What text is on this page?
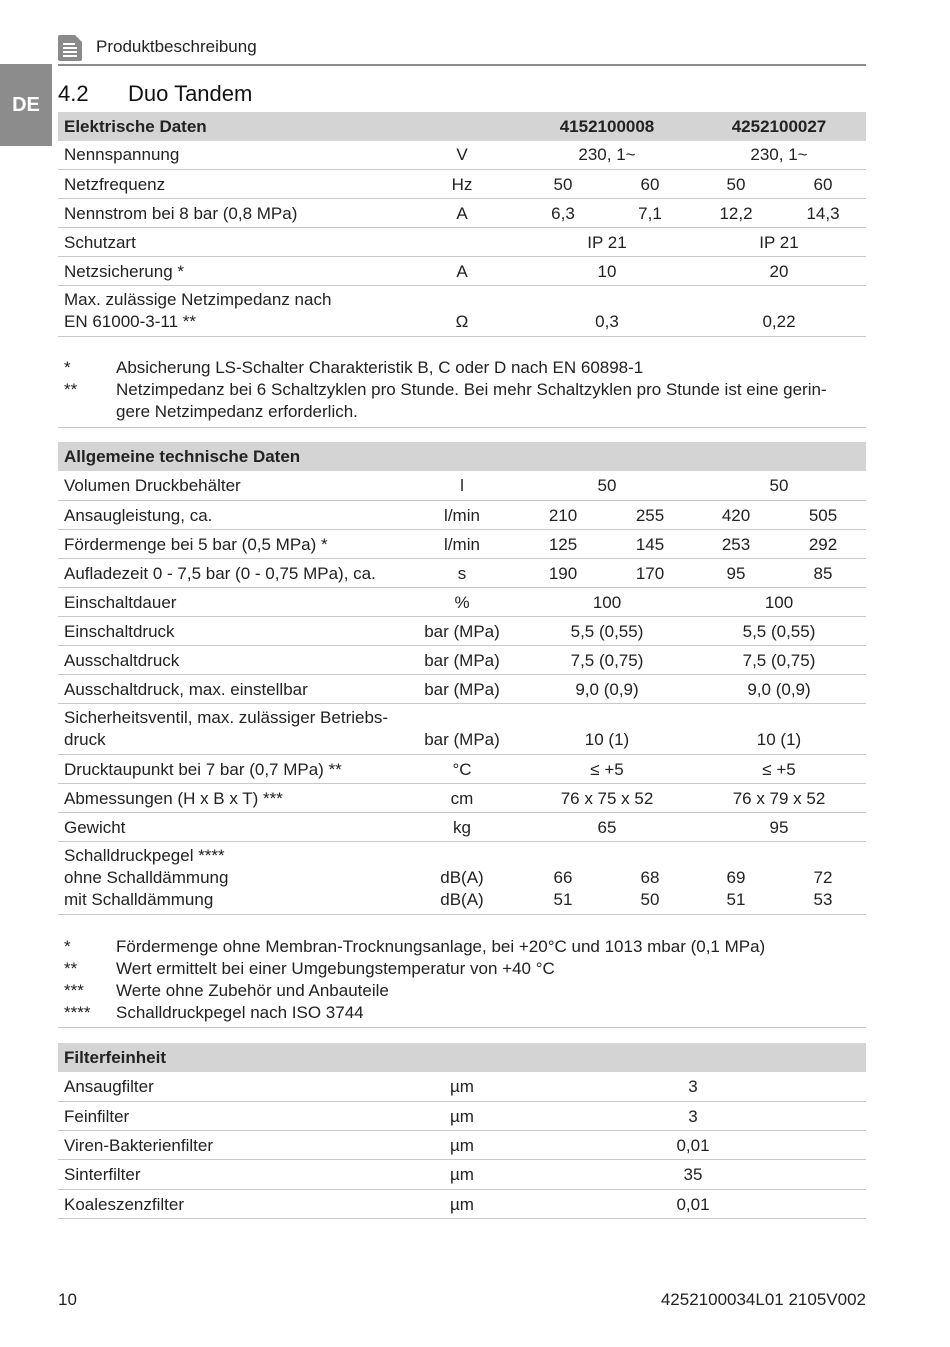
Produktbeschreibung
DE 4.2 Duo Tandem
Elektrische Daten	4152100008	4252100027
Nennspannung	V	230, 1~	230, 1~
Netzfrequenz	Hz	50	60	50	60
Nennstrom bei 8 bar (0,8 MPa)	A	6,3	7,1	12,2	14,3
Schutzart	IP 21	IP 21
Netzsicherung *	A	10	20
Max. zulässige Netzimpedanz nach
EN 61000-3-11 **	Ω	0,3	0,22
*	Absicherung LS-Schalter Charakteristik B, C oder D nach EN 60898-1
** Netzimpedanz bei 6 Schaltzyklen pro Stunde. Bei mehr Schaltzyklen pro Stunde ist eine gerin-
gere Netzimpedanz erforderlich.
Allgemeine technische Daten
Volumen Druckbehälter	l	50	50
Ansaugleistung, ca.	l/min	210	255	420	505
Fördermenge bei 5 bar (0,5 MPa) *	l/min	125	145	253	292
Aufladezeit 0 - 7,5 bar (0 - 0,75 MPa), ca.	s	190	170	95	85
Einschaltdauer	%	100	100
Einschaltdruck	bar (MPa)	5,5 (0,55)	5,5 (0,55)
Ausschaltdruck	bar (MPa)	7,5 (0,75)	7,5 (0,75)
Ausschaltdruck, max. einstellbar	bar (MPa)	9,0 (0,9)	9,0 (0,9)
Sicherheitsventil, max. zulässiger Betriebs-
druck	bar (MPa)	10 (1)	10 (1)
Drucktaupunkt bei 7 bar (0,7 MPa) **	°C	≤ +5	≤ +5
Abmessungen (H x B x T) ***	cm	76 x 75 x 52	76 x 79 x 52
Gewicht	kg	65	95
Schalldruckpegel ****
ohne Schalldämmung	dB(A)	66	68	69	72
mit Schalldämmung	dB(A)	51	50	51	53
*	Fördermenge ohne Membran-Trocknungsanlage, bei +20°C und 1013 mbar (0,1 MPa)
** Wert ermittelt bei einer Umgebungstemperatur von +40 °C
*** Werte ohne Zubehör und Anbauteile
**** Schalldruckpegel nach ISO 3744
Filterfeinheit
Ansaugfilter	µm	3
Feinfilter	µm	3
Viren-Bakterienfilter	µm	0,01
Sinterfilter	µm	35
Koaleszenzfilter	µm	0,01
10	4252100034L01 2105V002
